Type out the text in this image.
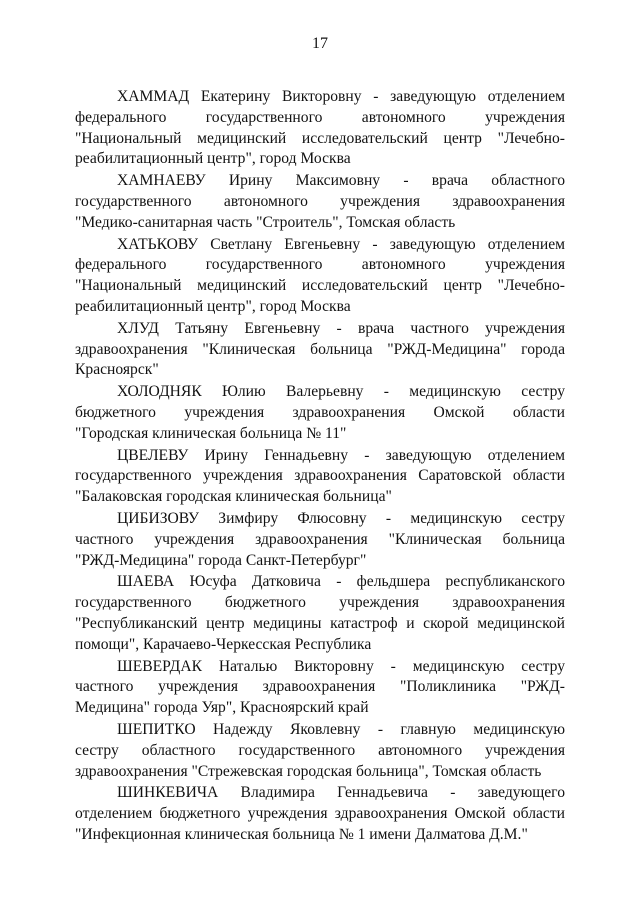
17
ХАММАД Екатерину Викторовну - заведующую отделением
федерального государственного автономного учреждения
"Национальный медицинский исследовательский центр "Лечебно-
реабилитационный центр", город Москва
ХАМНАЕВУ Ирину Максимовну - врача областного
государственного автономного учреждения здравоохранения
"Медико-санитарная часть "Строитель", Томская область
ХАТЬКОВУ Светлану Евгеньевну - заведующую отделением
федерального государственного автономного учреждения
"Национальный медицинский исследовательский центр "Лечебно-
реабилитационный центр", город Москва
ХЛУД Татьяну Евгеньевну - врача частного учреждения
здравоохранения "Клиническая больница "РЖД-Медицина" города
Красноярск"
ХОЛОДНЯК Юлию Валерьевну - медицинскую сестру
бюджетного учреждения здравоохранения Омской области
"Городская клиническая больница № 11"
ЦВЕЛЕВУ Ирину Геннадьевну - заведующую отделением
государственного учреждения здравоохранения Саратовской области
"Балаковская городская клиническая больница"
ЦИБИЗОВУ Зимфиру Флюсовну - медицинскую сестру
частного учреждения здравоохранения "Клиническая больница
"РЖД-Медицина" города Санкт-Петербург"
ШАЕВА Юсуфа Датковича - фельдшера республиканского
государственного бюджетного учреждения здравоохранения
"Республиканский центр медицины катастроф и скорой медицинской
помощи", Карачаево-Черкесская Республика
ШЕВЕРДАК Наталью Викторовну - медицинскую сестру
частного учреждения здравоохранения "Поликлиника "РЖД-
Медицина" города Уяр", Красноярский край
ШЕПИТКО Надежду Яковлевну - главную медицинскую
сестру областного государственного автономного учреждения
здравоохранения "Стрежевская городская больница", Томская область
ШИНКЕВИЧА Владимира Геннадьевича - заведующего
отделением бюджетного учреждения здравоохранения Омской области
"Инфекционная клиническая больница № 1 имени Далматова Д.М."
